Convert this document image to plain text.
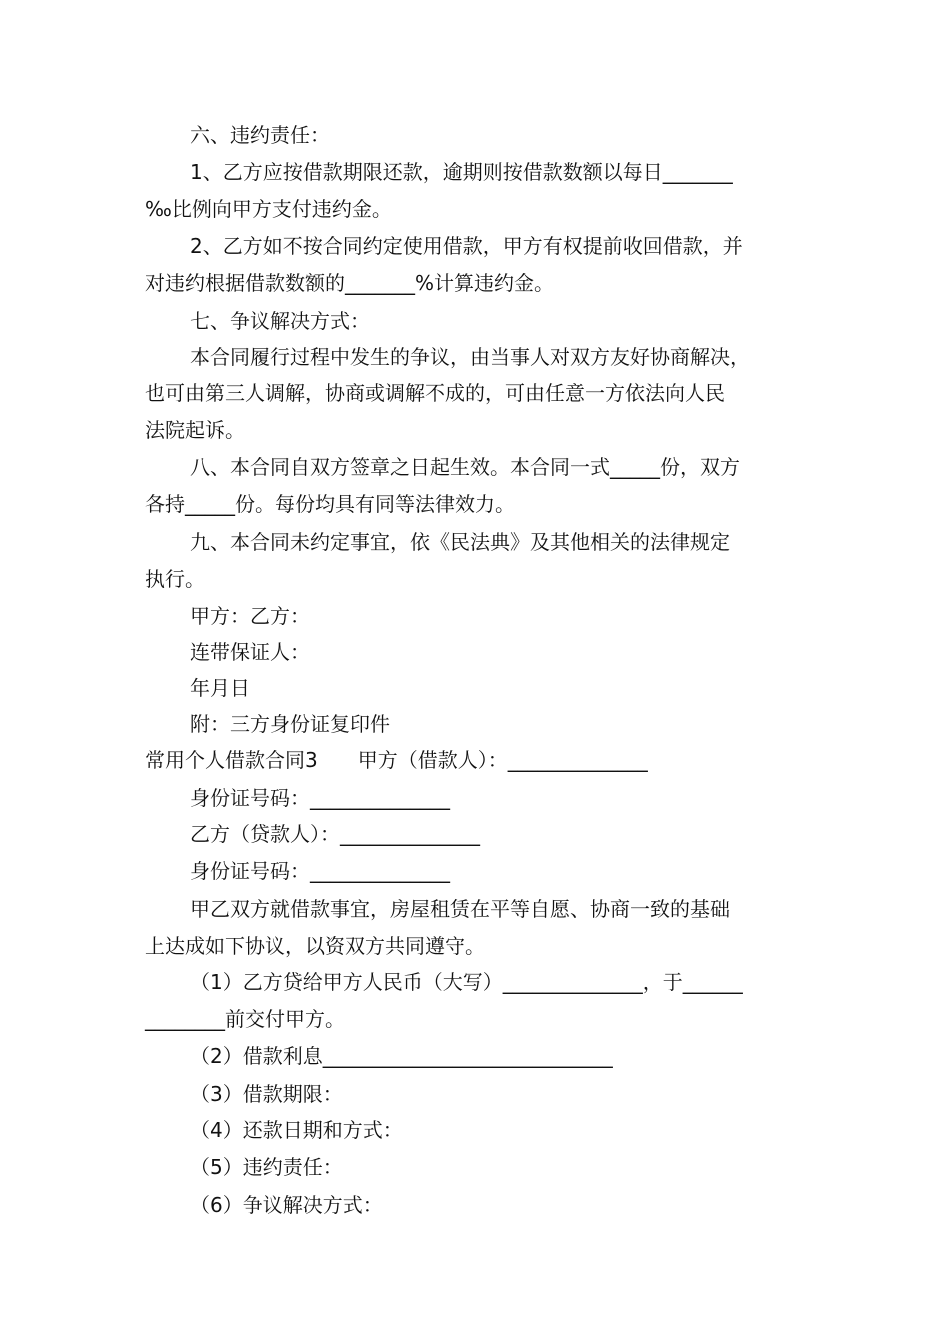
六、违约责任：
1、乙方应按借款期限还款，逾期则按借款数额以每日_______
‰比例向甲方支付违约金。
2、乙方如不按合同约定使用借款，甲方有权提前收回借款，并
对违约根据借款数额的_______%计算违约金。
七、争议解决方式：
本合同履行过程中发生的争议，由当事人对双方友好协商解决，
也可由第三人调解，协商或调解不成的，可由任意一方依法向人民
法院起诉。
八、本合同自双方签章之日起生效。本合同一式_____份，双方
各持_____份。每份均具有同等法律效力。
九、本合同未约定事宜，依《民法典》及其他相关的法律规定
执行。
甲方：乙方：
连带保证人：
年月日
附：三方身份证复印件
常用个人借款合同3　　甲方（借款人）：______________
身份证号码：______________
乙方（贷款人）：______________
身份证号码：______________
甲乙双方就借款事宜，房屋租赁在平等自愿、协商一致的基础
上达成如下协议，以资双方共同遵守。
（1）乙方贷给甲方人民币（大写）______________，于______
________前交付甲方。
（2）借款利息_____________________________
（3）借款期限：
（4）还款日期和方式：
（5）违约责任：
（6）争议解决方式：
